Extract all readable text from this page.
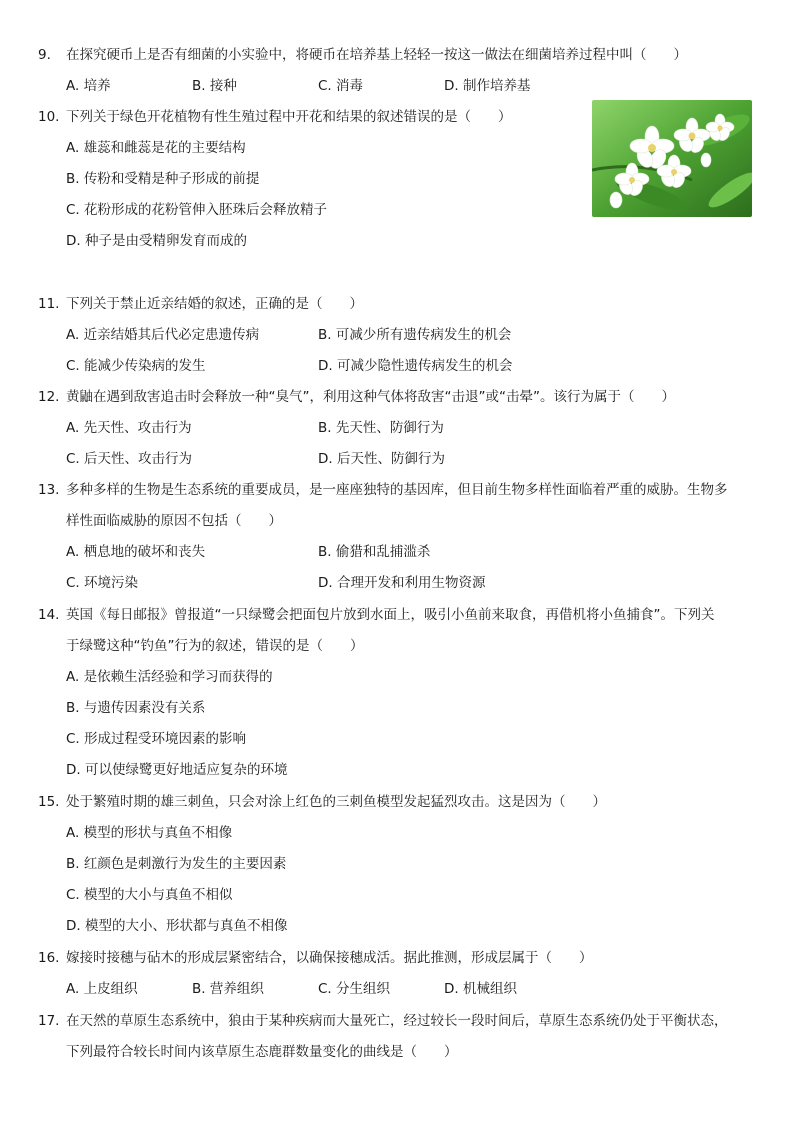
9.	在探究硬币上是否有细菌的小实验中，将硬币在培养基上轻轻一按这一做法在细菌培养过程中叫（　　）
A. 培养	B. 接种	C. 消毒	D. 制作培养基
10. 下列关于绿色开花植物有性生殖过程中开花和结果的叙述错误的是（　　）
A. 雄蕊和雌蕊是花的主要结构
B. 传粉和受精是种子形成的前提
C. 花粉形成的花粉管伸入胚珠后会释放精子
D. 种子是由受精卵发育而成的
11. 下列关于禁止近亲结婚的叙述，正确的是（　　）
A. 近亲结婚其后代必定患遗传病	B. 可减少所有遗传病发生的机会
C. 能减少传染病的发生	D. 可减少隐性遗传病发生的机会
12. 黄鼬在遇到敌害追击时会释放一种“臭气”，利用这种气体将敌害“击退”或“击晕”。该行为属于（　　）
A. 先天性、攻击行为	B. 先天性、防御行为
C. 后天性、攻击行为	D. 后天性、防御行为
13. 多种多样的生物是生态系统的重要成员，是一座座独特的基因库，但目前生物多样性面临着严重的威胁。生物多
样性面临威胁的原因不包括（　　）
A. 栖息地的破坏和丧失	B. 偷猎和乱捕滥杀
C. 环境污染	D. 合理开发和利用生物资源
14. 英国《每日邮报》曾报道“一只绿鹭会把面包片放到水面上，吸引小鱼前来取食，再借机将小鱼捕食”。下列关
于绿鹭这种“钓鱼”行为的叙述，错误的是（　　）
A. 是依赖生活经验和学习而获得的
B. 与遗传因素没有关系
C. 形成过程受环境因素的影响
D. 可以使绿鹭更好地适应复杂的环境
15. 处于繁殖时期的雄三刺鱼，只会对涂上红色的三刺鱼模型发起猛烈攻击。这是因为（　　）
A. 模型的形状与真鱼不相像
B. 红颜色是刺激行为发生的主要因素
C. 模型的大小与真鱼不相似
D. 模型的大小、形状都与真鱼不相像
16. 嫁接时接穗与砧木的形成层紧密结合，以确保接穗成活。据此推测，形成层属于（　　）
A. 上皮组织	B. 营养组织	C. 分生组织	D. 机械组织
17. 在天然的草原生态系统中，狼由于某种疾病而大量死亡，经过较长一段时间后，草原生态系统仍处于平衡状态，
下列最符合较长时间内该草原生态鹿群数量变化的曲线是（　　）
